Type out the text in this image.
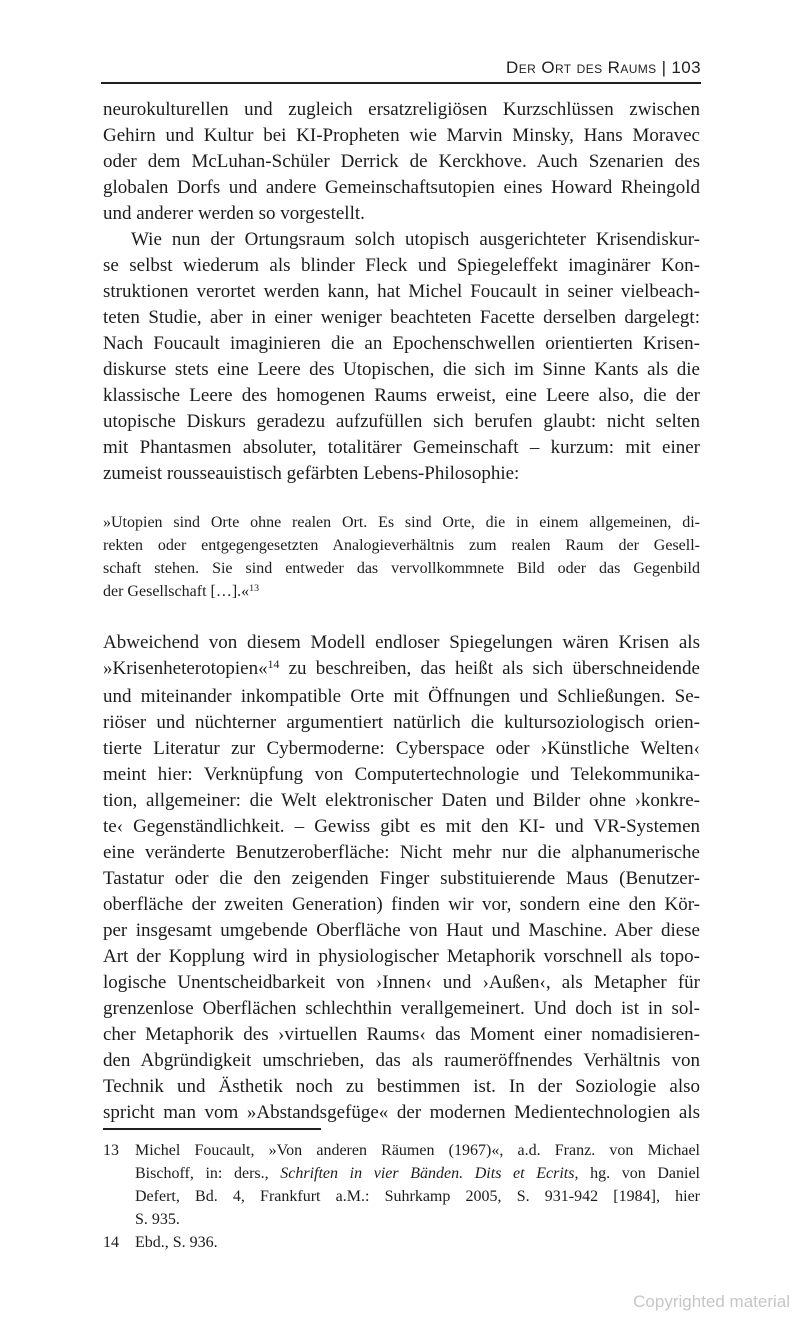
Der Ort des Raums | 103
neurokulturellen und zugleich ersatzreligiösen Kurzschlüssen zwischen
Gehirn und Kultur bei KI-Propheten wie Marvin Minsky, Hans Moravec
oder dem McLuhan-Schüler Derrick de Kerckhove. Auch Szenarien des
globalen Dorfs und andere Gemeinschaftsutopien eines Howard Rheingold
und anderer werden so vorgestellt.
Wie nun der Ortungsraum solch utopisch ausgerichteter Krisendiskur-
se selbst wiederum als blinder Fleck und Spiegeleffekt imaginärer Kon-
struktionen verortet werden kann, hat Michel Foucault in seiner vielbeach-
teten Studie, aber in einer weniger beachteten Facette derselben dargelegt:
Nach Foucault imaginieren die an Epochenschwellen orientierten Krisen-
diskurse stets eine Leere des Utopischen, die sich im Sinne Kants als die
klassische Leere des homogenen Raums erweist, eine Leere also, die der
utopische Diskurs geradezu aufzufüllen sich berufen glaubt: nicht selten
mit Phantasmen absoluter, totalitärer Gemeinschaft – kurzum: mit einer
zumeist rousseauistisch gefärbten Lebens-Philosophie:
»Utopien sind Orte ohne realen Ort. Es sind Orte, die in einem allgemeinen, di-
rekten oder entgegengesetzten Analogieverhältnis zum realen Raum der Gesell-
schaft stehen. Sie sind entweder das vervollkommnete Bild oder das Gegenbild
der Gesellschaft […].«$^{13}$
Abweichend von diesem Modell endloser Spiegelungen wären Krisen als
»Krisenheterotopien«$^{14}$ zu beschreiben, das heißt als sich überschneidende
und miteinander inkompatible Orte mit Öffnungen und Schließungen. Se-
riöser und nüchterner argumentiert natürlich die kultursoziologisch orien-
tierte Literatur zur Cybermoderne: Cyberspace oder ›Künstliche Welten‹
meint hier: Verknüpfung von Computertechnologie und Telekommunika-
tion, allgemeiner: die Welt elektronischer Daten und Bilder ohne ›konkre-
te‹ Gegenständlichkeit. – Gewiss gibt es mit den KI- und VR-Systemen
eine veränderte Benutzeroberfläche: Nicht mehr nur die alphanumerische
Tastatur oder die den zeigenden Finger substituierende Maus (Benutzer-
oberfläche der zweiten Generation) finden wir vor, sondern eine den Kör-
per insgesamt umgebende Oberfläche von Haut und Maschine. Aber diese
Art der Kopplung wird in physiologischer Metaphorik vorschnell als topo-
logische Unentscheidbarkeit von ›Innen‹ und ›Außen‹, als Metapher für
grenzenlose Oberflächen schlechthin verallgemeinert. Und doch ist in sol-
cher Metaphorik des ›virtuellen Raums‹ das Moment einer nomadisieren-
den Abgründigkeit umschrieben, das als raumeröffnendes Verhältnis von
Technik und Ästhetik noch zu bestimmen ist. In der Soziologie also
spricht man vom »Abstandsgefüge« der modernen Medientechnologien als
13	Michel Foucault, »Von anderen Räumen (1967)«, a.d. Franz. von Michael
Bischoff, in: ders., Schriften in vier Bänden. Dits et Ecrits, hg. von Daniel
Defert, Bd. 4, Frankfurt a.M.: Suhrkamp 2005, S. 931-942 [1984], hier
S. 935.
14	Ebd., S. 936.
Copyrighted material
